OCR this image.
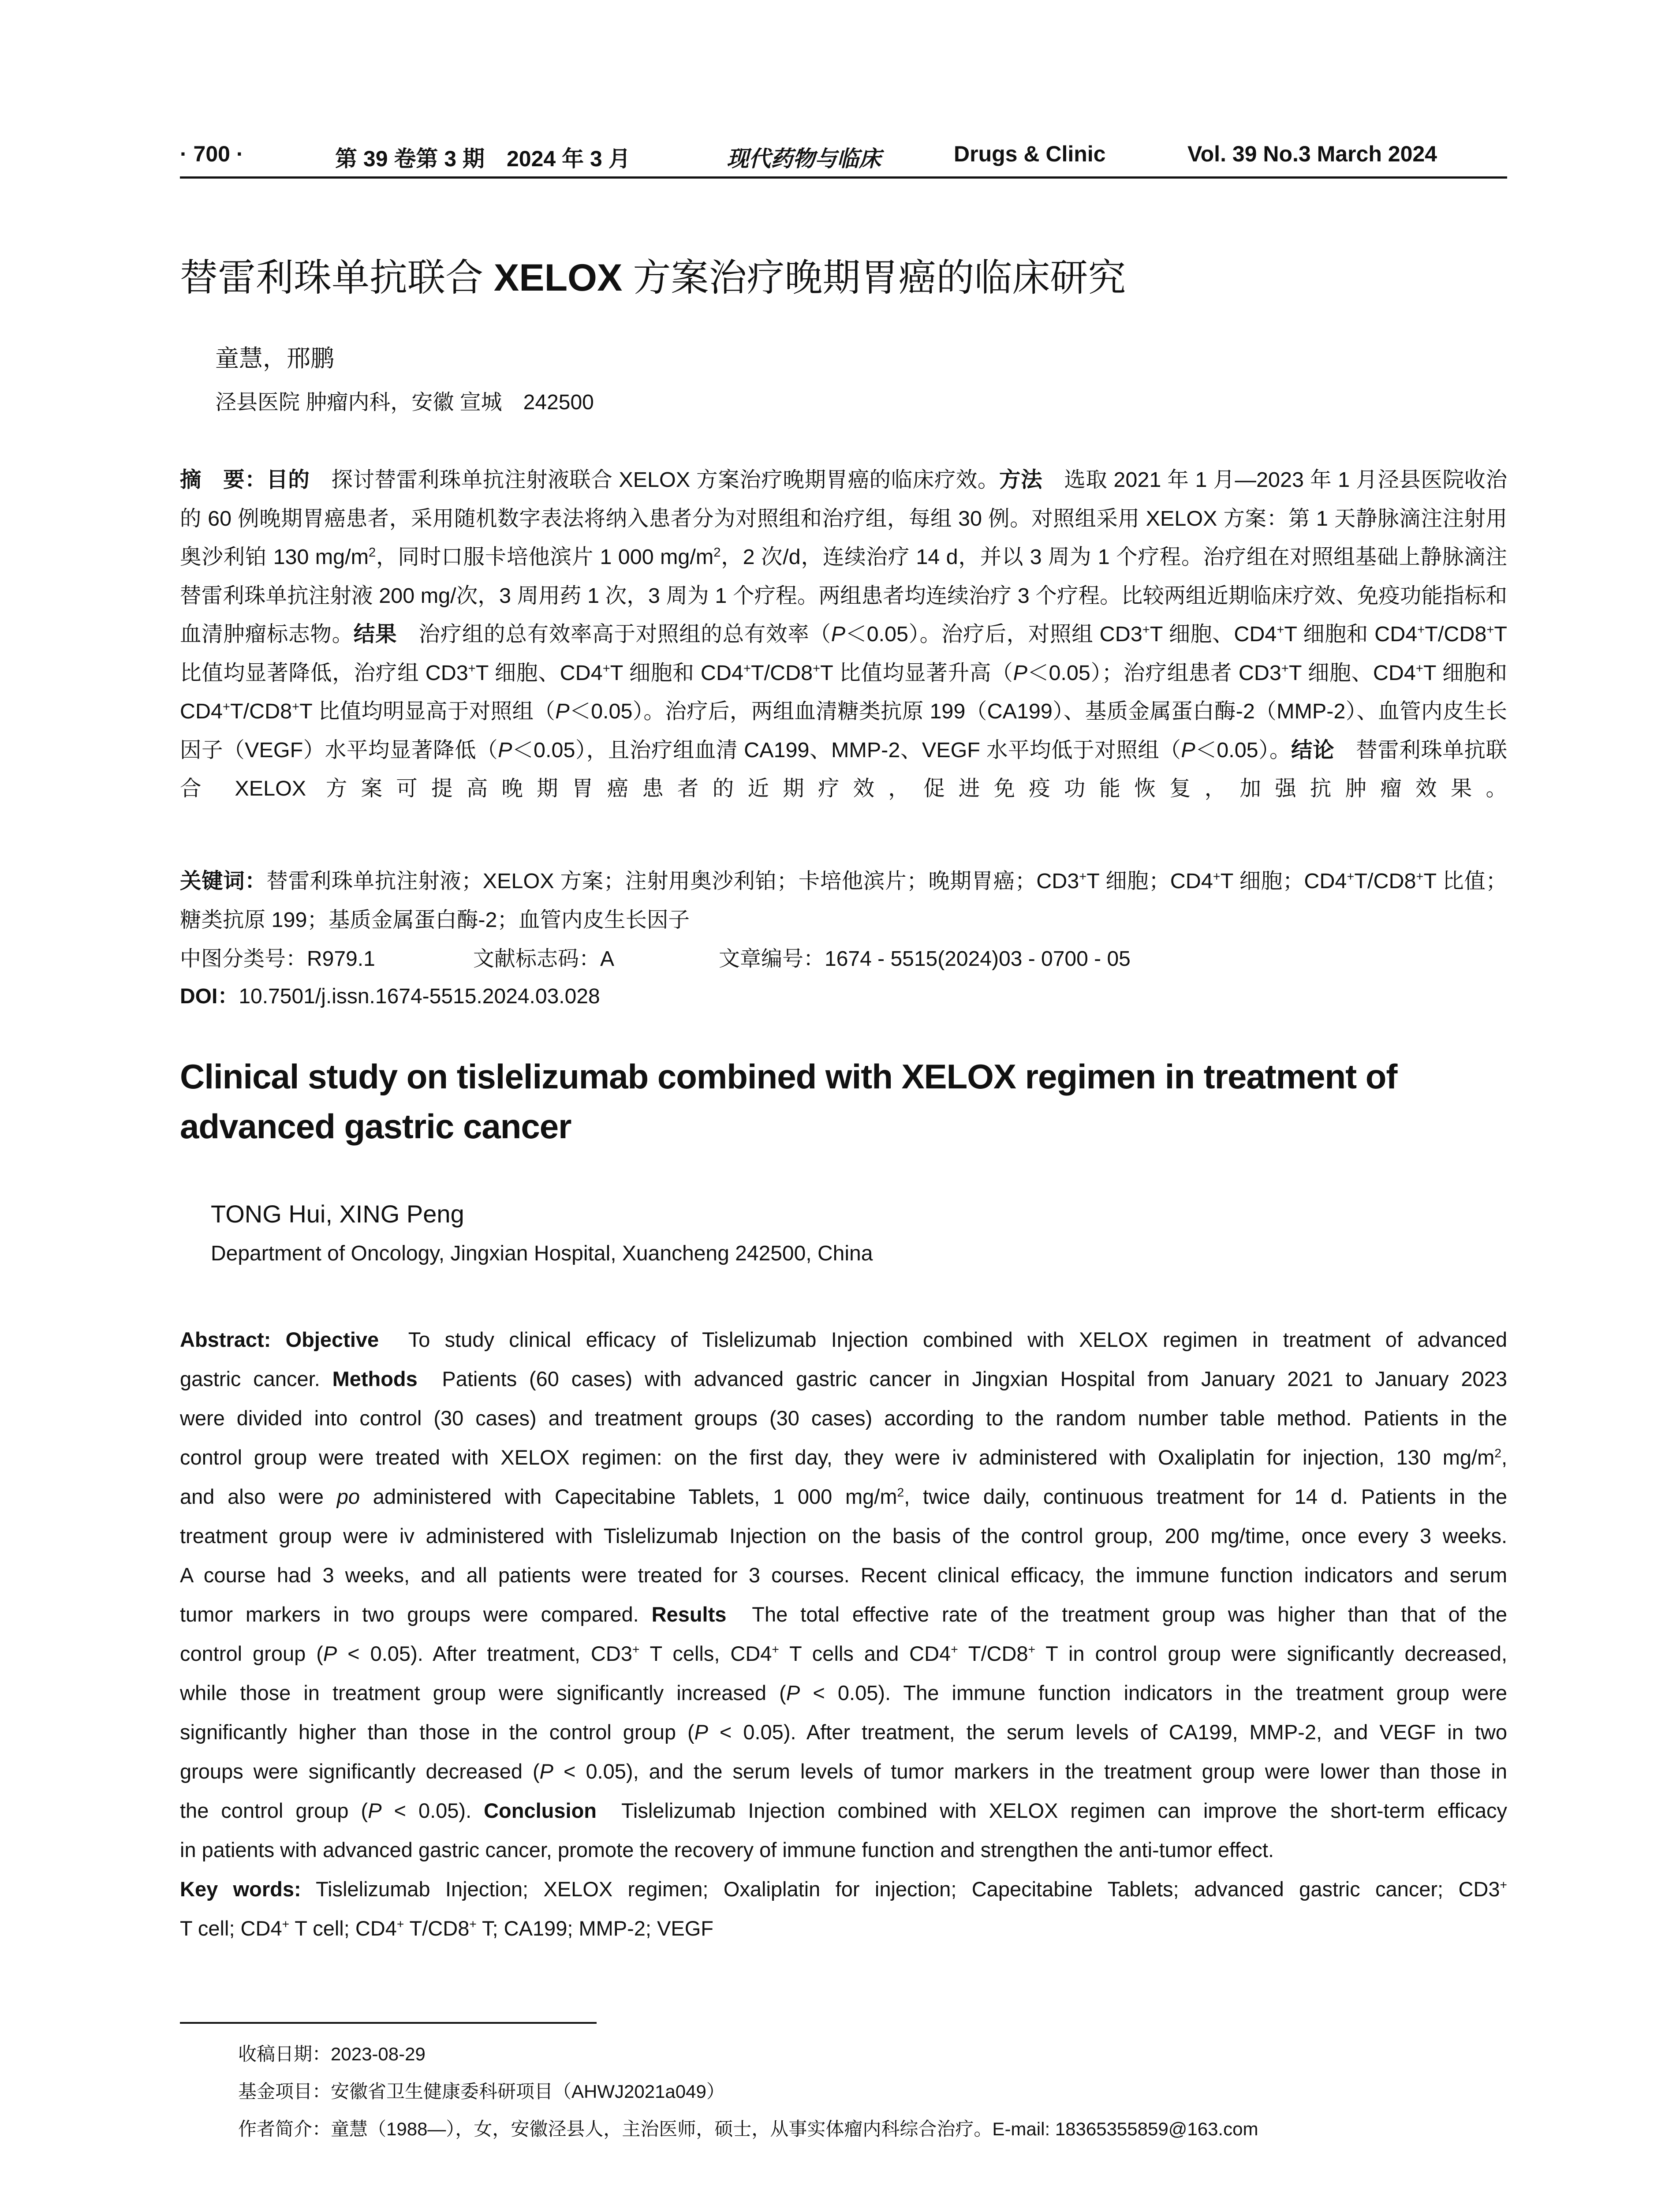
· 700 ·	第 39 卷第 3 期　2024 年 3 月	现代药物与临床	Drugs & Clinic	Vol. 39 No.3 March 2024
替雷利珠单抗联合 XELOX 方案治疗晚期胃癌的临床研究
童慧，邢鹏
泾县医院 肿瘤内科，安徽 宣城　242500

摘　要：目的　探讨替雷利珠单抗注射液联合 XELOX 方案治疗晚期胃癌的临床疗效。方法　选取 2021 年 1 月—2023 年 1 月泾县医院收治的 60 例晚期胃癌患者，采用随机数字表法将纳入患者分为对照组和治疗组，每组 30 例。对照组采用 XELOX 方案：第 1 天静脉滴注注射用奥沙利铂 130 $mg/m^2$，同时口服卡培他滨片 1 000 $mg/m^2$，2 次/d，连续治疗 14 d，并以 3 周为 1 个疗程。治疗组在对照组基础上静脉滴注替雷利珠单抗注射液 200 mg/次，3 周用药 1 次，3 周为 1 个疗程。两组患者均连续治疗 3 个疗程。比较两组近期临床疗效、免疫功能指标和血清肿瘤标志物。结果　治疗组的总有效率高于对照组的总有效率（P＜0.05）。治疗后，对照组 CD3+T 细胞、CD4+T 细胞和 CD4+T/CD8+T 比值均显著降低，治疗组 CD3+T 细胞、CD4+T 细胞和 CD4+T/CD8+T 比值均显著升高（P＜0.05）；治疗组患者 CD3+T 细胞、CD4+T 细胞和 CD4+T/CD8+T 比值均明显高于对照组（P＜0.05）。治疗后，两组血清糖类抗原 199（CA199）、基质金属蛋白酶-2（MMP-2）、血管内皮生长因子（VEGF）水平均显著降低（P＜0.05），且治疗组血清 CA199、MMP-2、VEGF 水平均低于对照组（P＜0.05）。结论　替雷利珠单抗联合 XELOX 方案可提高晚期胃癌患者的近期疗效，促进免疫功能恢复，加强抗肿瘤效果。

关键词：替雷利珠单抗注射液；XELOX 方案；注射用奥沙利铂；卡培他滨片；晚期胃癌；CD3+T 细胞；CD4+T 细胞；CD4+T/CD8+T 比值；糖类抗原 199；基质金属蛋白酶-2；血管内皮生长因子

中图分类号：R979.1	文献标志码：A	文章编号：1674 - 5515(2024)03 - 0700 - 05
DOI：10.7501/j.issn.1674-5515.2024.03.028
Clinical study on tislelizumab combined with XELOX regimen in treatment of advanced gastric cancer
TONG Hui, XING Peng
Department of Oncology, Jingxian Hospital, Xuancheng 242500, China
Abstract: Objective To study clinical efficacy of Tislelizumab Injection combined with XELOX regimen in treatment of advanced
gastric cancer. Methods Patients (60 cases) with advanced gastric cancer in Jingxian Hospital from January 2021 to January 2023
were divided into control (30 cases) and treatment groups (30 cases) according to the random number table method. Patients in the
control group were treated with XELOX regimen: on the first day, they were iv administered with Oxaliplatin for injection, 130 $mg/m^2$,
and also were po administered with Capecitabine Tablets, 1 000 $mg/m^2$, twice daily, continuous treatment for 14 d. Patients in the
treatment group were iv administered with Tislelizumab Injection on the basis of the control group, 200 mg/time, once every 3 weeks.
A course had 3 weeks, and all patients were treated for 3 courses. Recent clinical efficacy, the immune function indicators and serum
tumor markers in two groups were compared. Results The total effective rate of the treatment group was higher than that of the
control group (P < 0.05). After treatment, CD3+ T cells, CD4+ T cells and CD4+ T/CD8+ T in control group were significantly decreased,
while those in treatment group were significantly increased (P < 0.05). The immune function indicators in the treatment group were
significantly higher than those in the control group (P < 0.05). After treatment, the serum levels of CA199, MMP-2, and VEGF in two
groups were significantly decreased (P < 0.05), and the serum levels of tumor markers in the treatment group were lower than those in
the control group (P < 0.05). Conclusion Tislelizumab Injection combined with XELOX regimen can improve the short-term efficacy
in patients with advanced gastric cancer, promote the recovery of immune function and strengthen the anti-tumor effect.
Key words: Tislelizumab Injection; XELOX regimen; Oxaliplatin for injection; Capecitabine Tablets; advanced gastric cancer; CD3+
T cell; CD4+ T cell; CD4+ T/CD8+ T; CA199; MMP-2; VEGF
收稿日期：2023-08-29
基金项目：安徽省卫生健康委科研项目（AHWJ2021a049）
作者简介：童慧（1988—），女，安徽泾县人，主治医师，硕士，从事实体瘤内科综合治疗。E-mail: 18365355859@163.com
